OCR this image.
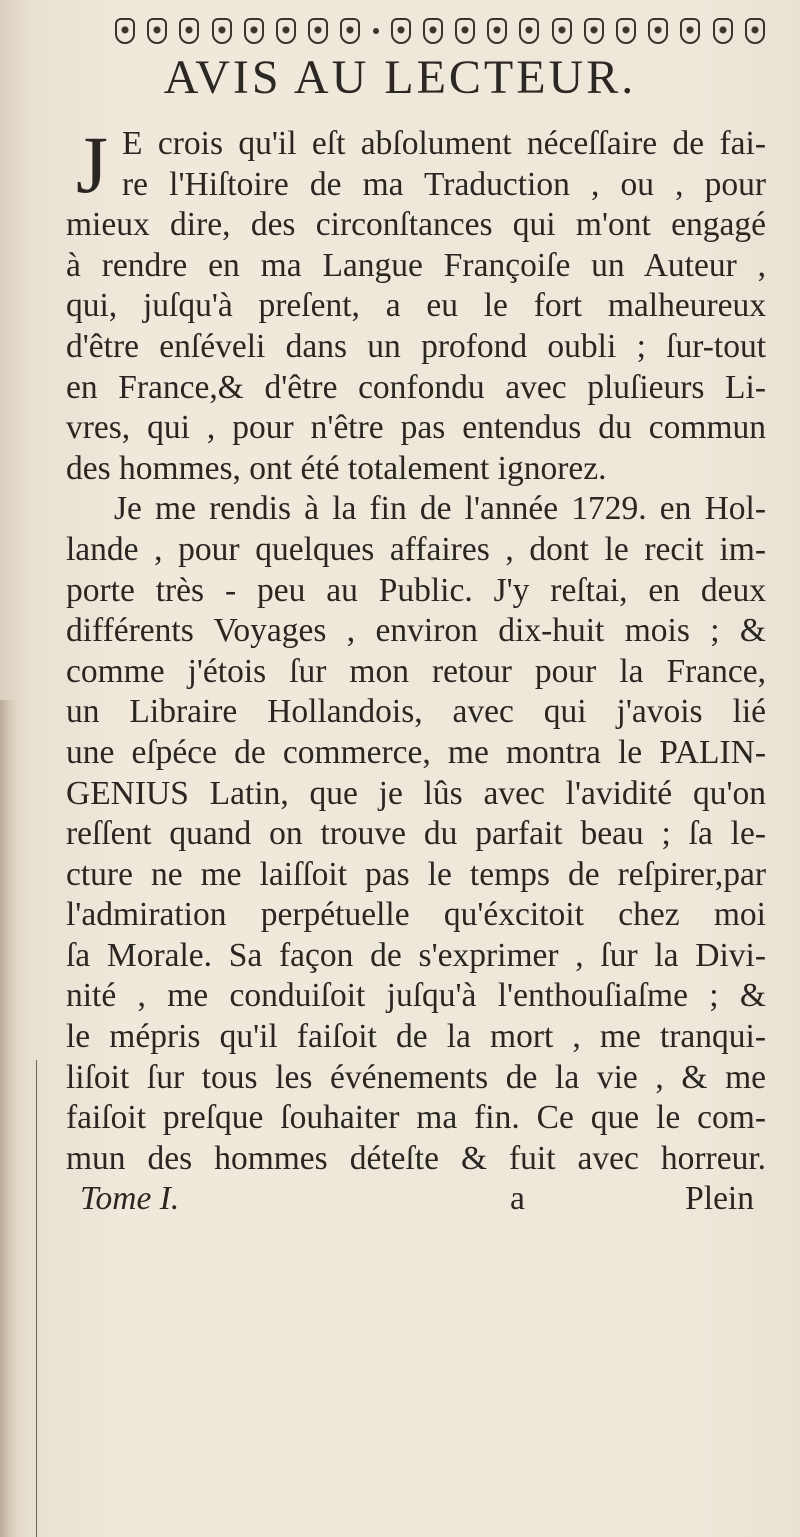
AVIS AU LECTEUR.
J E crois qu'il eſt abſolument néceſſaire de fai-
re l'Hiſtoire de ma Traduction , ou , pour
mieux dire, des circonſtances qui m'ont engagé
à rendre en ma Langue Françoiſe un Auteur ,
qui, juſqu'à preſent, a eu le fort malheureux
d'être enſéveli dans un profond oubli ; ſur-tout
en France,& d'être confondu avec pluſieurs Li-
vres, qui , pour n'être pas entendus du commun
des hommes, ont été totalement ignorez.
Je me rendis à la fin de l'année 1729. en Hol-
lande , pour quelques affaires , dont le recit im-
porte très - peu au Public. J'y reſtai, en deux
différents Voyages , environ dix-huit mois ; &
comme j'étois ſur mon retour pour la France,
un Libraire Hollandois, avec qui j'avois lié
une eſpéce de commerce, me montra le PALIN-
GENIUS Latin, que je lûs avec l'avidité qu'on
reſſent quand on trouve du parfait beau ; ſa le-
cture ne me laiſſoit pas le temps de reſpirer,par
l'admiration perpétuelle qu'éxcitoit chez moi
ſa Morale. Sa façon de s'exprimer , ſur la Divi-
nité , me conduiſoit juſqu'à l'enthouſiaſme ; &
le mépris qu'il faiſoit de la mort , me tranqui-
liſoit ſur tous les événements de la vie , & me
faiſoit preſque ſouhaiter ma fin. Ce que le com-
mun des hommes déteſte & fuit avec horreur.
Tome I.	a	Plein
